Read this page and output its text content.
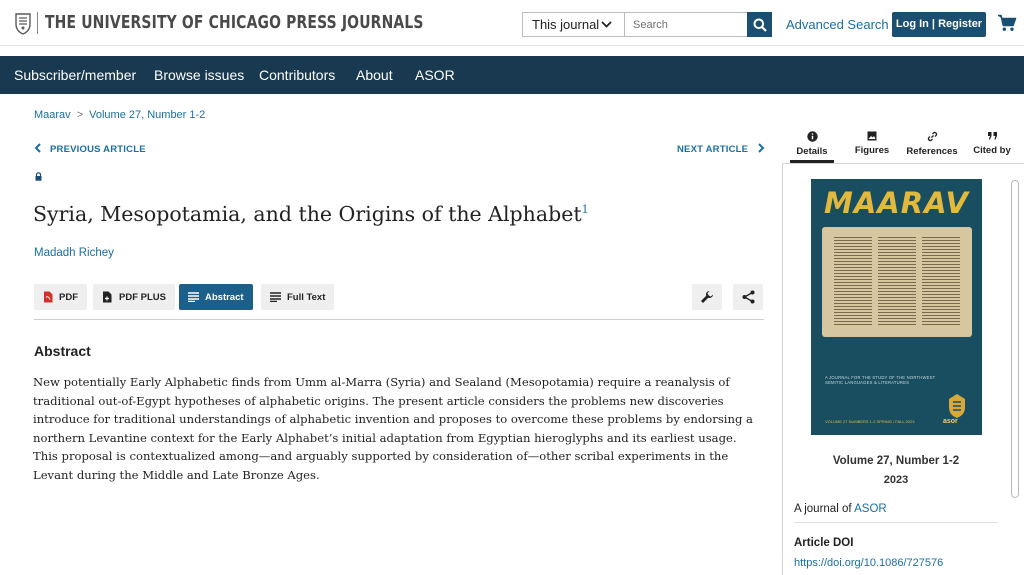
THE UNIVERSITY OF CHICAGO PRESS JOURNALS	This journal
Search	Advanced Search Log In | Register
Subscriber/member Browse issues Contributors About ASOR
Maarav > Volume 27, Number 1-2
PREVIOUS ARTICLE	NEXT ARTICLE
Syria, Mesopotamia, and the Origins of the Alphabet$^1$
Madadh Richey
PDF	PDF PLUS	Abstract	Full Text
Abstract
New potentially Early Alphabetic finds from Umm al-Marra (Syria) and Sealand (Mesopotamia) require a reanalysis of traditional out-of-Egypt hypotheses of alphabetic origins. The present article considers the problems new discoveries introduce for traditional understandings of alphabetic invention and proposes to overcome these problems by endorsing a northern Levantine context for the Early Alphabet’s initial adaptation from Egyptian hieroglyphs and its earliest usage. This proposal is contextualized among—and arguably supported by consideration of—other scribal experiments in the Levant during the Middle and Late Bronze Ages.
Details	Figures References Cited by
MAARAV
A JOURNAL FOR THE STUDY OF THE NORTHWEST SEMITIC LANGUAGES & LITERATURES
VOLUME 27 NUMBERS 1-2 SPRING / FALL 2023	asor
Volume 27, Number 1-2
2023
A journal of ASOR
Article DOI
https://doi.org/10.1086/727576
